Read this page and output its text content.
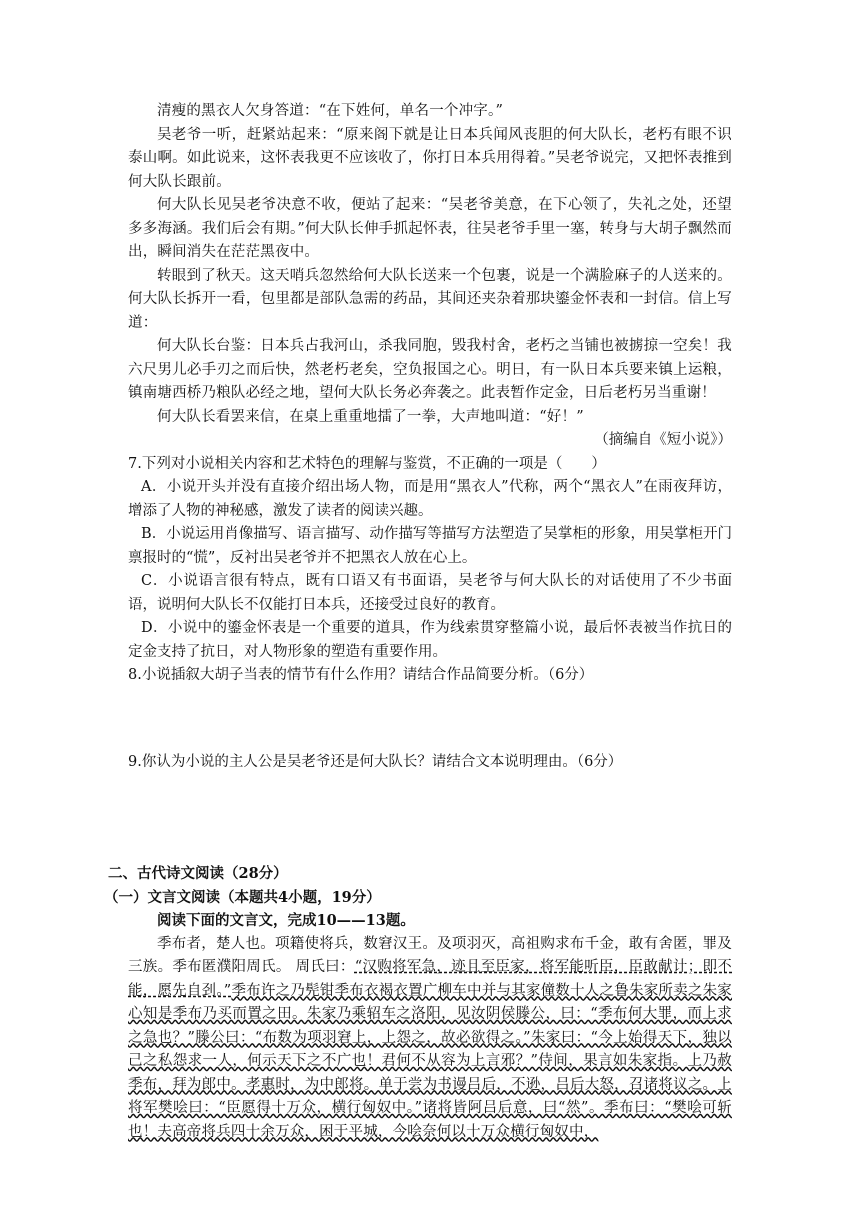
清瘦的黑衣人欠身答道：“在下姓何，单名一个冲字。”

吴老爷一听，赶紧站起来：“原来阁下就是让日本兵闻风丧胆的何大队长，老朽有眼不识泰山啊。如此说来，这怀表我更不应该收了，你打日本兵用得着。”吴老爷说完，又把怀表推到何大队长跟前。

何大队长见吴老爷决意不收，便站了起来：“吴老爷美意，在下心领了，失礼之处，还望多多海涵。我们后会有期。”何大队长伸手抓起怀表，往吴老爷手里一塞，转身与大胡子飘然而出，瞬间消失在茫茫黑夜中。

转眼到了秋天。这天哨兵忽然给何大队长送来一个包裹，说是一个满脸麻子的人送来的。何大队长拆开一看，包里都是部队急需的药品，其间还夹杂着那块鎏金怀表和一封信。信上写道：

何大队长台鉴：日本兵占我河山，杀我同胞，毁我村舍，老朽之当铺也被掳掠一空矣！我六尺男儿必手刃之而后快，然老朽老矣，空负报国之心。明日，有一队日本兵要来镇上运粮，镇南塘西桥乃粮队必经之地，望何大队长务必奔袭之。此表暂作定金，日后老朽另当重谢！

何大队长看罢来信，在桌上重重地擂了一拳，大声地叫道：“好！”

（摘编自《短小说》）

7.下列对小说相关内容和艺术特色的理解与鉴赏，不正确的一项是（　　）

A．小说开头并没有直接介绍出场人物，而是用“黑衣人”代称，两个“黑衣人”在雨夜拜访，增添了人物的神秘感，激发了读者的阅读兴趣。

B．小说运用肖像描写、语言描写、动作描写等描写方法塑造了吴掌柜的形象，用吴掌柜开门禀报时的“慌”，反衬出吴老爷并不把黑衣人放在心上。

C．小说语言很有特点，既有口语又有书面语，吴老爷与何大队长的对话使用了不少书面语，说明何大队长不仅能打日本兵，还接受过良好的教育。

D．小说中的鎏金怀表是一个重要的道具，作为线索贯穿整篇小说，最后怀表被当作抗日的定金支持了抗日，对人物形象的塑造有重要作用。

8.小说插叙大胡子当表的情节有什么作用？请结合作品简要分析。（6分）

9.你认为小说的主人公是吴老爷还是何大队长？请结合文本说明理由。（6分）

二、古代诗文阅读（28分）

（一）文言文阅读（本题共4小题，19分）

阅读下面的文言文，完成10——13题。

季布者，楚人也。项籍使将兵，数窘汉王。及项羽灭，高祖购求布千金，敢有舍匿，罪及三族。季布匿濮阳周氏。 周氏曰：“汉购将军急，迹且至臣家，将军能听臣，臣敢献计；即不能，愿先自刭。”季布许之乃髡钳季布衣褐衣置广柳车中并与其家僮数十人之鲁朱家所卖之朱家心知是季布乃买而置之田。朱家乃乘轺车之洛阳，见汝阴侯滕公，曰：“季布何大罪，而上求之急也？”滕公曰：“布数为项羽窘上，上怨之，故必欲得之。”朱家曰：“今上始得天下，独以己之私怨求一人，何示天下之不广也！君何不从容为上言邪？”侍间，果言如朱家指。上乃赦季布，拜为郎中。孝惠时，为中郎将。单于尝为书谩吕后，不逊，吕后大怒，召诸将议之。上将军樊哙曰：“臣愿得十万众，横行匈奴中。”诸将皆阿吕后意，曰“然”。季布曰：“樊哙可斩也！夫高帝将兵四十余万众，困于平城，今哙奈何以十万众横行匈奴中，
